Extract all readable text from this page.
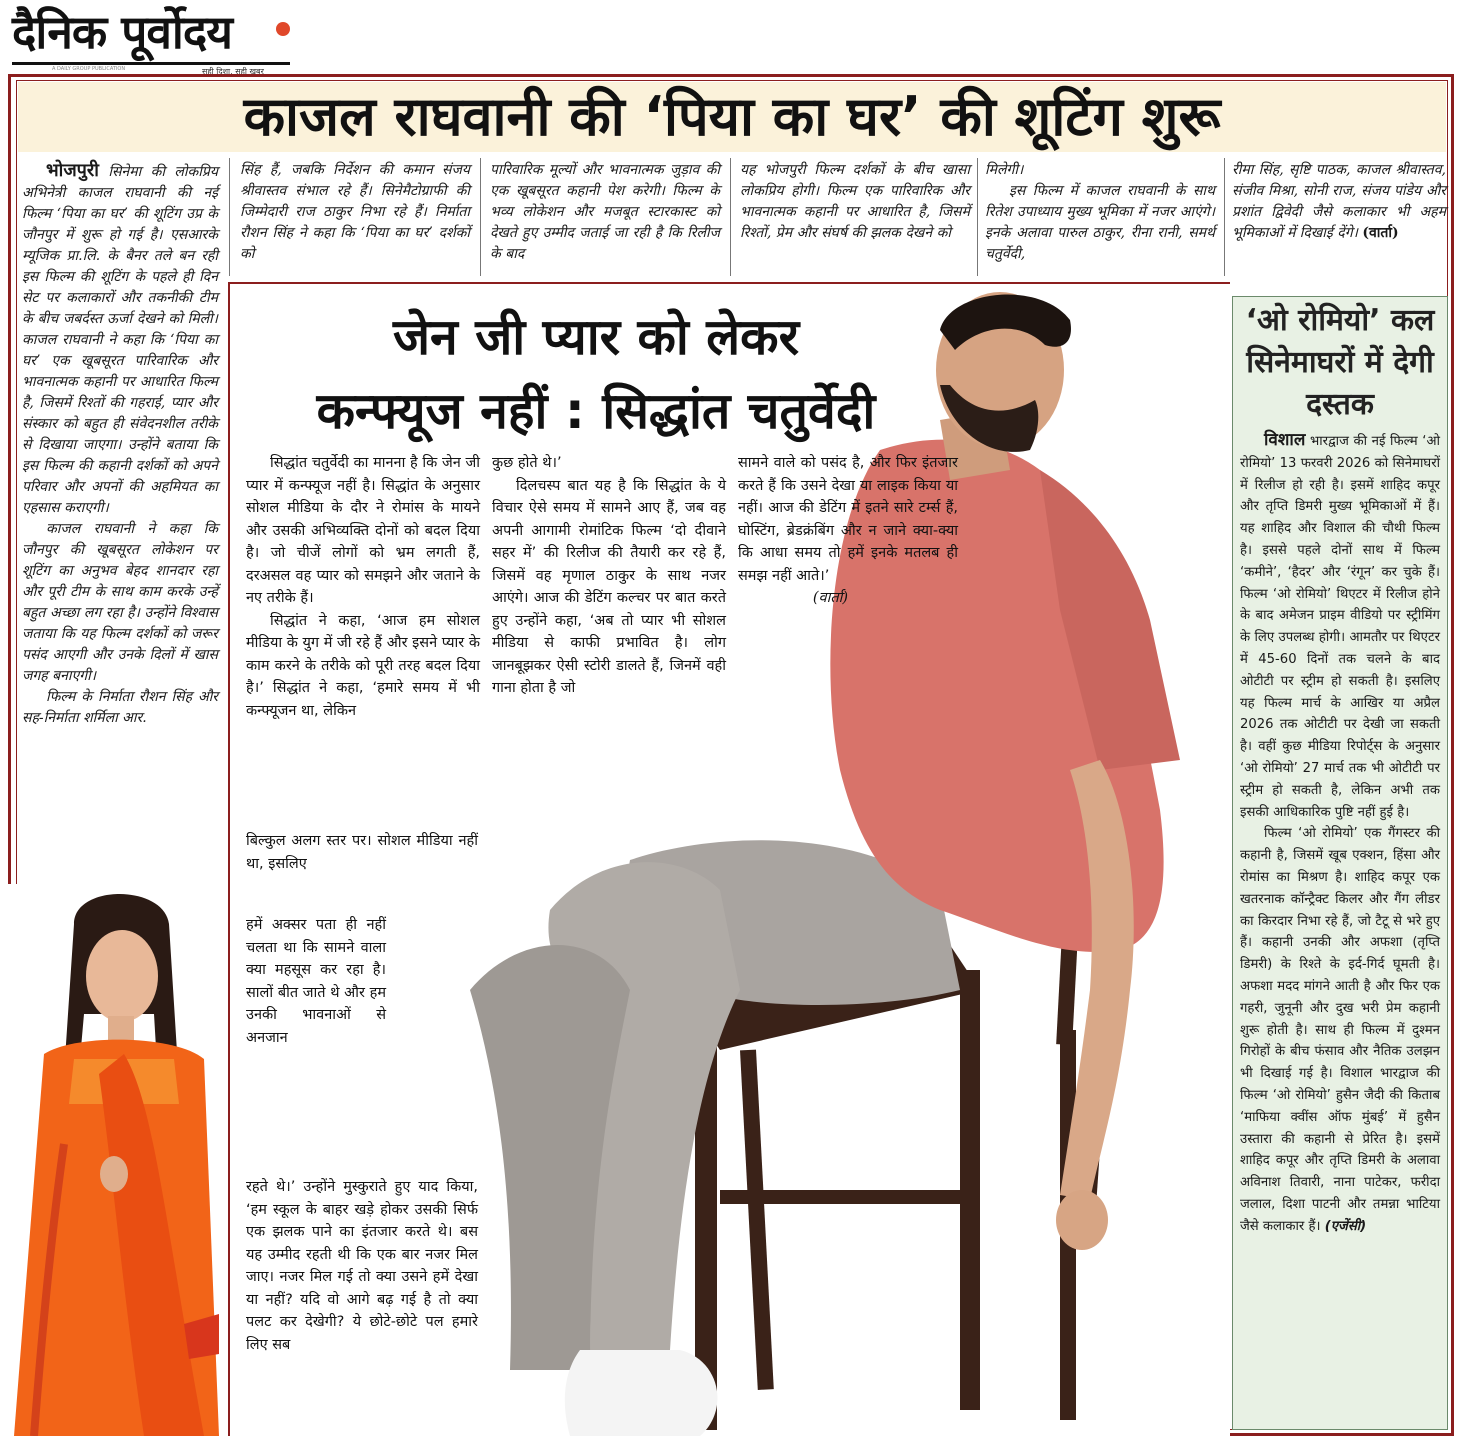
दैनिक पूर्वोदय
A DAILY GROUP PUBLICATION	सही दिशा, सही खबर
काजल राघवानी की ‘पिया का घर’ की शूटिंग शुरू

भोजपुरी सिनेमा की लोकप्रिय अभिनेत्री काजल राघवानी की नई फिल्म ‘पिया का घर’ की शूटिंग उप्र के जौनपुर में शुरू हो गई है। एसआरके म्यूजिक प्रा.लि. के बैनर तले बन रही इस फिल्म की शूटिंग के पहले ही दिन सेट पर कलाकारों और तकनीकी टीम के बीच जबर्दस्त ऊर्जा देखने को मिली। काजल राघवानी ने कहा कि ‘पिया का घर’ एक खूबसूरत पारिवारिक और भावनात्मक कहानी पर आधारित फिल्म है, जिसमें रिश्तों की गहराई, प्यार और संस्कार को बहुत ही संवेदनशील तरीके से दिखाया जाएगा। उन्होंने बताया कि इस फिल्म की कहानी दर्शकों को अपने परिवार और अपनों की अहमियत का एहसास कराएगी।

काजल राघवानी ने कहा कि जौनपुर की खूबसूरत लोकेशन पर शूटिंग का अनुभव बेहद शानदार रहा और पूरी टीम के साथ काम करके उन्हें बहुत अच्छा लग रहा है। उन्होंने विश्वास जताया कि यह फिल्म दर्शकों को जरूर पसंद आएगी और उनके दिलों में खास जगह बनाएगी।

फिल्म के निर्माता रौशन सिंह और सह-निर्माता शर्मिला आर.

सिंह हैं, जबकि निर्देशन की कमान संजय श्रीवास्तव संभाल रहे हैं। सिनेमैटोग्राफी की जिम्मेदारी राज ठाकुर निभा रहे हैं। निर्माता रौशन सिंह ने कहा कि ‘पिया का घर’ दर्शकों को

पारिवारिक मूल्यों और भावनात्मक जुड़ाव की एक खूबसूरत कहानी पेश करेगी। फिल्म के भव्य लोकेशन और मजबूत स्टारकास्ट को देखते हुए उम्मीद जताई जा रही है कि रिलीज के बाद

यह भोजपुरी फिल्म दर्शकों के बीच खासा लोकप्रिय होगी। फिल्म एक पारिवारिक और भावनात्मक कहानी पर आधारित है, जिसमें रिश्तों, प्रेम और संघर्ष की झलक देखने को

मिलेगी।

इस फिल्म में काजल राघवानी के साथ रितेश उपाध्याय मुख्य भूमिका में नजर आएंगे। इनके अलावा पारुल ठाकुर, रीना रानी, समर्थ चतुर्वेदी,

रीमा सिंह, सृष्टि पाठक, काजल श्रीवास्तव, संजीव मिश्रा, सोनी राज, संजय पांडेय और प्रशांत द्विवेदी जैसे कलाकार भी अहम भूमिकाओं में दिखाई देंगे। (वार्ता)

जेन जी प्यार को लेकर
कन्फ्यूज नहीं : सिद्धांत चतुर्वेदी

सिद्धांत चतुर्वेदी का मानना है कि जेन जी प्यार में कन्फ्यूज नहीं है। सिद्धांत के अनुसार सोशल मीडिया के दौर ने रोमांस के मायने और उसकी अभिव्यक्ति दोनों को बदल दिया है। जो चीजें लोगों को भ्रम लगती हैं, दरअसल वह प्यार को समझने और जताने के नए तरीके हैं।

सिद्धांत ने कहा, ‘आज हम सोशल मीडिया के युग में जी रहे हैं और इसने प्यार के काम करने के तरीके को पूरी तरह बदल दिया है।’ सिद्धांत ने कहा, ‘हमारे समय में भी कन्फ्यूजन था, लेकिन

बिल्कुल अलग स्तर पर। सोशल मीडिया नहीं था, इसलिए

हमें अक्सर पता ही नहीं चलता था कि सामने वाला क्या महसूस कर रहा है। सालों बीत जाते थे और हम उनकी भावनाओं से अनजान

रहते थे।’ उन्होंने मुस्कुराते हुए याद किया, ‘हम स्कूल के बाहर खड़े होकर उसकी सिर्फ एक झलक पाने का इंतजार करते थे। बस यह उम्मीद रहती थी कि एक बार नजर मिल जाए। नजर मिल गई तो क्या उसने हमें देखा या नहीं? यदि वो आगे बढ़ गई है तो क्या पलट कर देखेगी? ये छोटे-छोटे पल हमारे लिए सब

कुछ होते थे।’

दिलचस्प बात यह है कि सिद्धांत के ये विचार ऐसे समय में सामने आए हैं, जब वह अपनी आगामी रोमांटिक फिल्म ‘दो दीवाने सहर में’ की रिलीज की तैयारी कर रहे हैं, जिसमें वह मृणाल ठाकुर के साथ नजर आएंगे। आज की डेटिंग कल्चर पर बात करते हुए उन्होंने कहा, ‘अब तो प्यार भी सोशल मीडिया से काफी प्रभावित है। लोग जानबूझकर ऐसी स्टोरी डालते हैं, जिनमें वही गाना होता है जो

सामने वाले को पसंद है, और फिर इंतजार करते हैं कि उसने देखा या लाइक किया या नहीं। आज की डेटिंग में इतने सारे टर्म्स हैं, घोस्टिंग, ब्रेडक्रंबिंग और न जाने क्या-क्या कि आधा समय तो हमें इनके मतलब ही समझ नहीं आते।’

(वार्ता)

‘ओ रोमियो’ कल सिनेमाघरों में देगी दस्तक

विशाल भारद्वाज की नई फिल्म ‘ओ रोमियो’ 13 फरवरी 2026 को सिनेमाघरों में रिलीज हो रही है। इसमें शाहिद कपूर और तृप्ति डिमरी मुख्य भूमिकाओं में हैं। यह शाहिद और विशाल की चौथी फिल्म है। इससे पहले दोनों साथ में फिल्म ‘कमीने’, ‘हैदर’ और ‘रंगून’ कर चुके हैं। फिल्म ‘ओ रोमियो’ थिएटर में रिलीज होने के बाद अमेजन प्राइम वीडियो पर स्ट्रीमिंग के लिए उपलब्ध होगी। आमतौर पर थिएटर में 45-60 दिनों तक चलने के बाद ओटीटी पर स्ट्रीम हो सकती है। इसलिए यह फिल्म मार्च के आखिर या अप्रैल 2026 तक ओटीटी पर देखी जा सकती है। वहीं कुछ मीडिया रिपोर्ट्स के अनुसार ‘ओ रोमियो’ 27 मार्च तक भी ओटीटी पर स्ट्रीम हो सकती है, लेकिन अभी तक इसकी आधिकारिक पुष्टि नहीं हुई है।

फिल्म ‘ओ रोमियो’ एक गैंगस्टर की कहानी है, जिसमें खूब एक्शन, हिंसा और रोमांस का मिश्रण है। शाहिद कपूर एक खतरनाक कॉन्ट्रैक्ट किलर और गैंग लीडर का किरदार निभा रहे हैं, जो टैटू से भरे हुए हैं। कहानी उनकी और अफशा (तृप्ति डिमरी) के रिश्ते के इर्द-गिर्द घूमती है। अफशा मदद मांगने आती है और फिर एक गहरी, जुनूनी और दुख भरी प्रेम कहानी शुरू होती है। साथ ही फिल्म में दुश्मन गिरोहों के बीच फंसाव और नैतिक उलझन भी दिखाई गई है। विशाल भारद्वाज की फिल्म ‘ओ रोमियो’ हुसैन जैदी की किताब ‘माफिया क्वींस ऑफ मुंबई’ में हुसैन उस्तारा की कहानी से प्रेरित है। इसमें शाहिद कपूर और तृप्ति डिमरी के अलावा अविनाश तिवारी, नाना पाटेकर, फरीदा जलाल, दिशा पाटनी और तमन्ना भाटिया जैसे कलाकार हैं। (एजेंसी)
